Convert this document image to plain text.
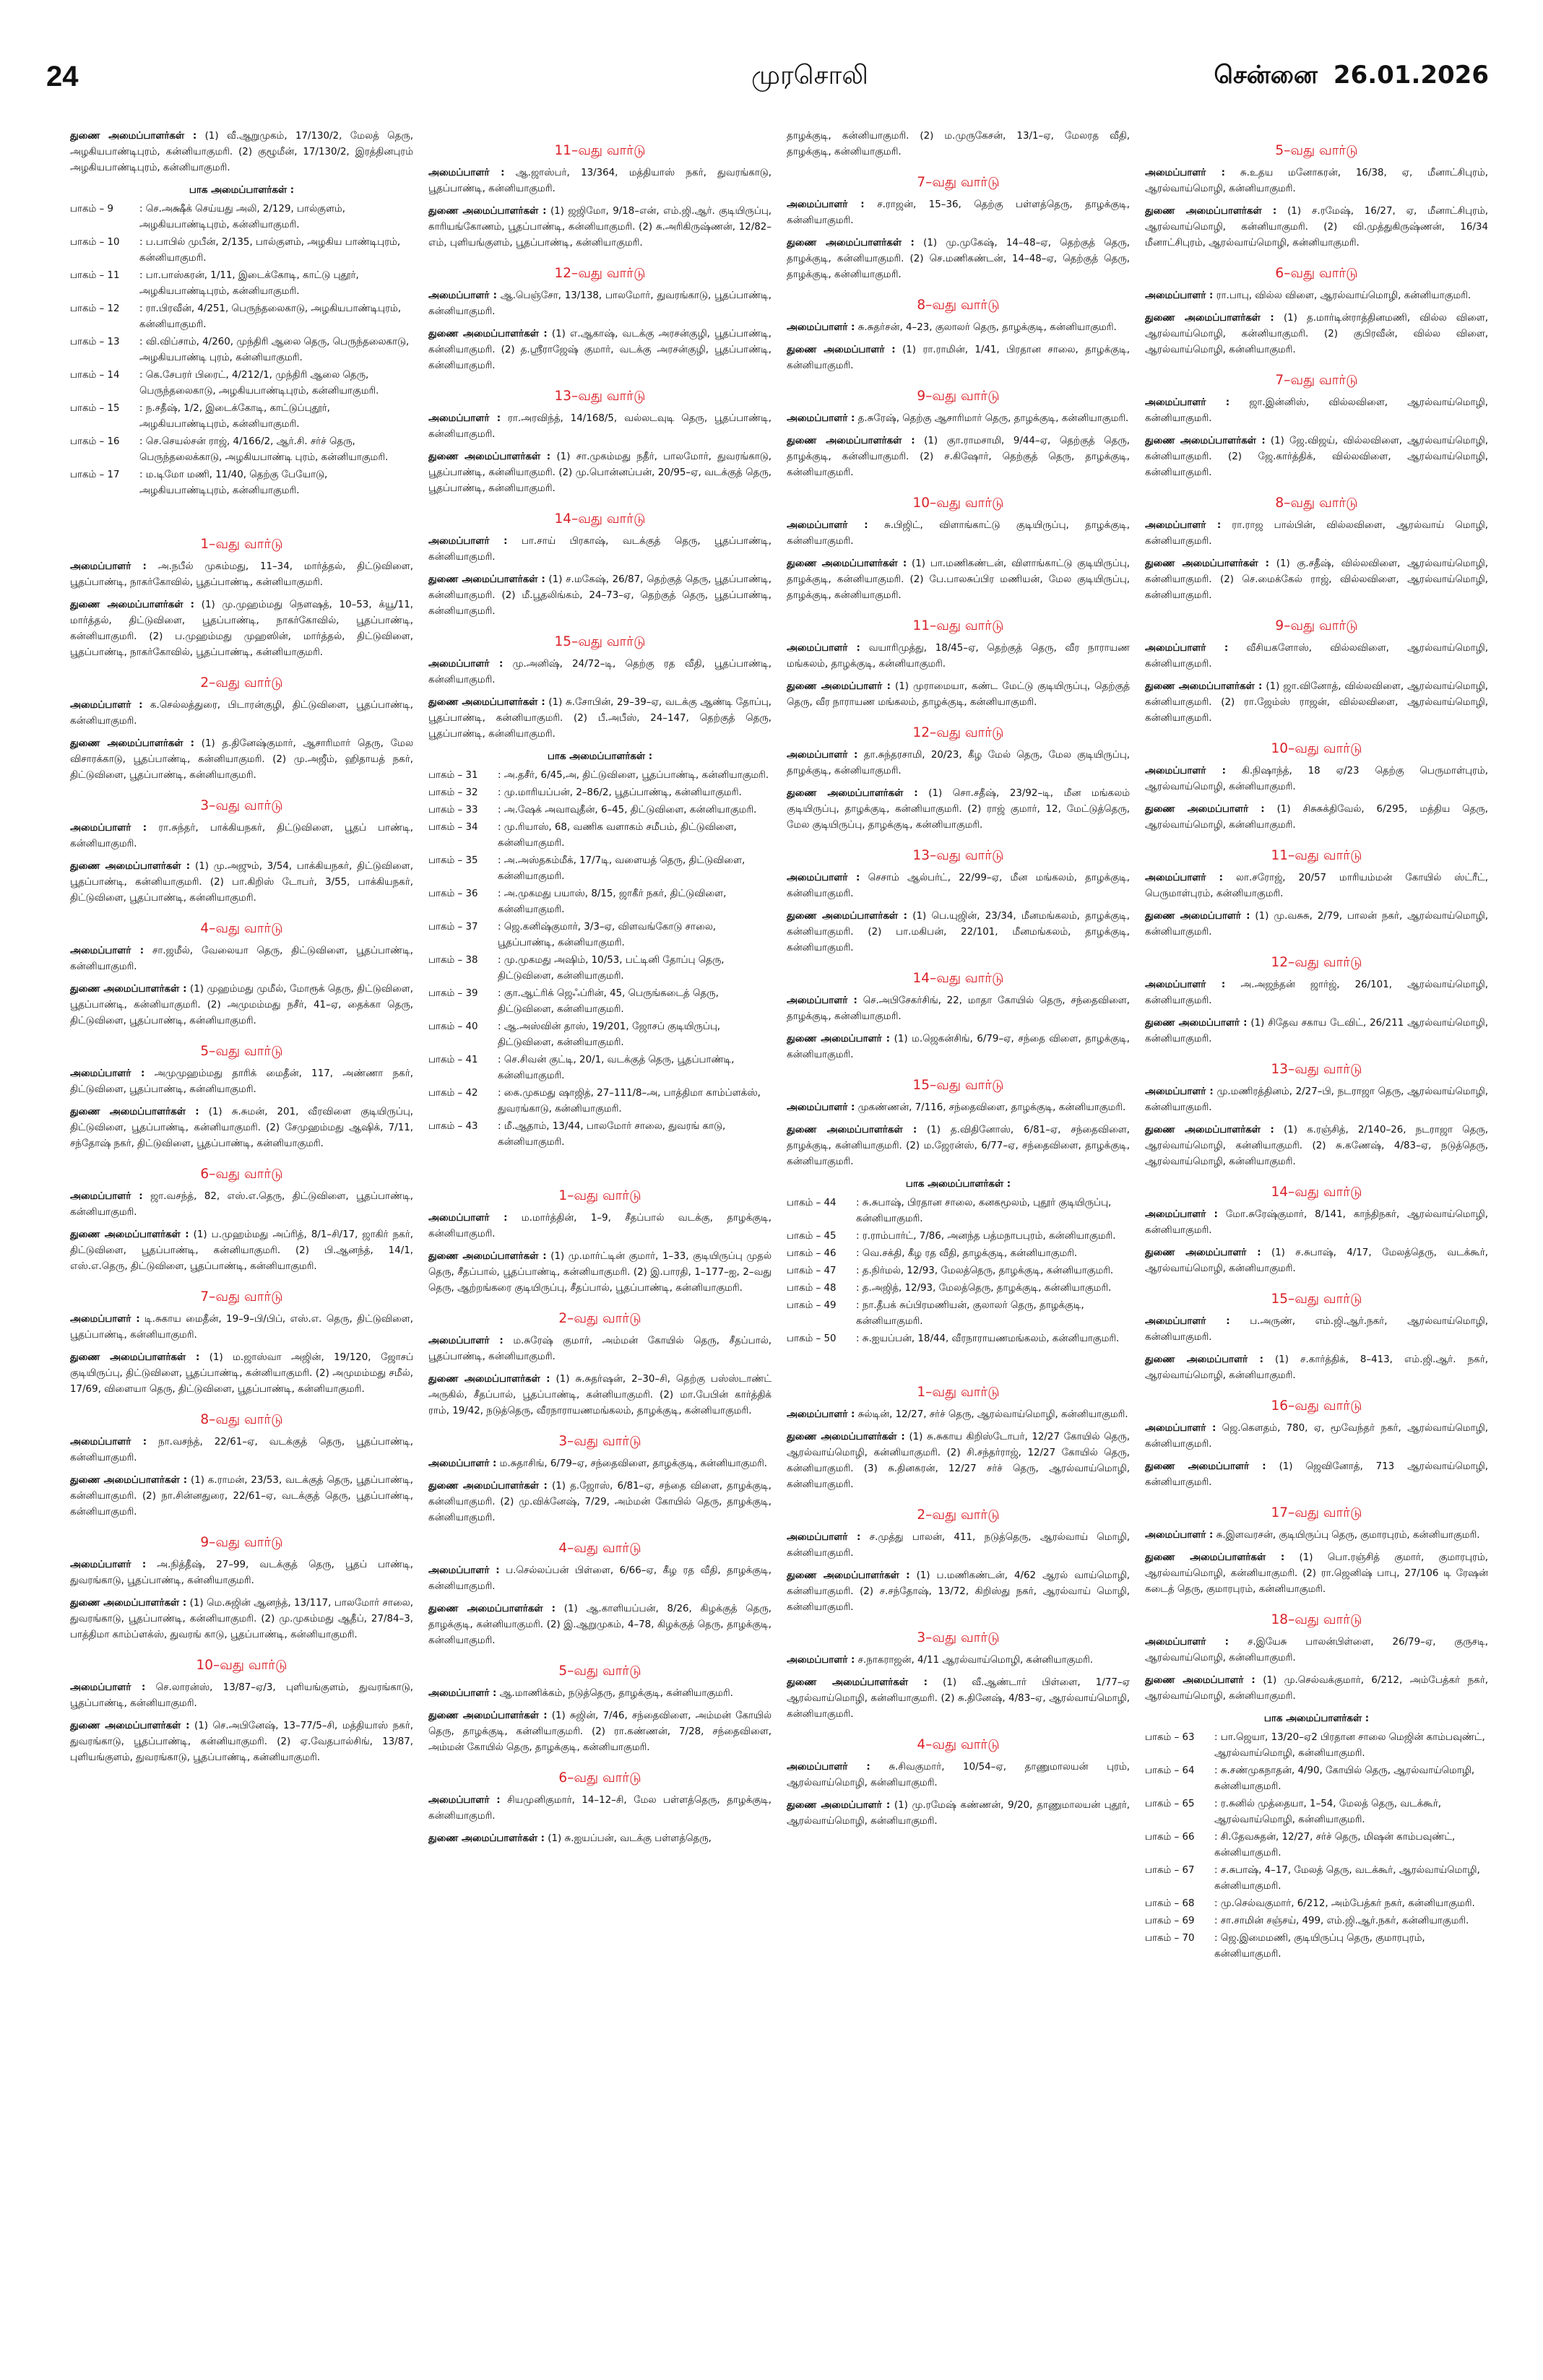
24	முரசொலி	சென்னை 26.01.2026

துணை அமைப்பாளர்கள் : (1) வீ.ஆறுமுகம், 17/130/2, மேலத் தெரு, அழகியபாண்டிபுரம், கன்னியாகுமரி. (2) குழூமீன், 17/130/2, இரத்தினபுரம் அழகியபாண்டிபுரம், கன்னியாகுமரி.

பாக அமைப்பாளர்கள் :
பாகம் – 9	: செ.அக்ஷீக் செய்யது அலி, 2/129, பால்குளம், அழகியபாண்டிபுரம், கன்னியாகுமரி.
பாகம் – 10	: ப.பாபில் முபீன், 2/135, பால்குளம், அழகிய பாண்டிபுரம், கன்னியாகுமரி.
பாகம் – 11	: பா.பாஸ்கரன், 1/11, இடைக்கோடி, காட்டு புதூர், அழகியபாண்டிபுரம், கன்னியாகுமரி.
பாகம் – 12	: ரா.பிரவீன், 4/251, பெருந்தலைகாடு, அழகியபாண்டிபுரம், கன்னியாகுமரி.
பாகம் – 13	: வி.விப்சாம், 4/260, முந்திரி ஆலை தெரு, பெருந்தலைகாடு, அழகியபாண்டி புரம், கன்னியாகுமரி.
பாகம் – 14	: கெ.சேபரர் பிரைட், 4/212/1, முந்திரி ஆலை தெரு, பெருந்தலைகாடு, அழகியபாண்டிபுரம், கன்னியாகுமரி.
பாகம் – 15	: ந.சதீஷ், 1/2, இடைக்கோடி, காட்டுப்புதூர், அழகியபாண்டிபுரம், கன்னியாகுமரி.
பாகம் – 16	: செ.செயல்சன் ராஜ், 4/166/2, ஆர்.சி. சர்ச் தெரு, பெருந்தலைக்காடு, அழகியபாண்டி புரம், கன்னியாகுமரி.
பாகம் – 17	: ம.டிமோ மணி, 11/40, தெற்கு பேயோடு, அழகியபாண்டிபுரம், கன்னியாகுமரி.
1–வது வார்டு

அமைப்பாளர் : அ.நபீல் முகம்மது, 11–34, மார்த்தல், திட்டுவிளை, பூதப்பாண்டி, நாகர்கோவில், பூதப்பாண்டி, கன்னியாகுமரி.

துணை அமைப்பாளர்கள் : (1) மு.முஹம்மது நௌஷத், 10–53, க்யூ/11, மார்த்தல், திட்டுவிளை, பூதப்பாண்டி, நாகர்கோவில், பூதப்பாண்டி, கன்னியாகுமரி. (2) ப.முஹம்மது முஹஸின், மார்த்தல், திட்டுவிளை, பூதப்பாண்டி, நாகர்கோவில், பூதப்பாண்டி, கன்னியாகுமரி.

2–வது வார்டு

அமைப்பாளர் : க.செல்லத்துரை, பிடாரன்குழி, திட்டுவிளை, பூதப்பாண்டி, கன்னியாகுமரி.

துணை அமைப்பாளர்கள் : (1) த.தினேஷ்குமார், ஆசாரிமார் தெரு, மேல விசாரக்காடு, பூதப்பாண்டி, கன்னியாகுமரி. (2) மு.அஜீம், ஹிதாயத் நகர், திட்டுவிளை, பூதப்பாண்டி, கன்னியாகுமரி.

3–வது வார்டு

அமைப்பாளர் : ரா.சுந்தர், பாக்கியநகர், திட்டுவிளை, பூதப் பாண்டி, கன்னியாகுமரி.

துணை அமைப்பாளர்கள் : (1) மு.அஜும், 3/54, பாக்கியநகர், திட்டுவிளை, பூதப்பாண்டி, கன்னியாகுமரி. (2) பா.கிறிஸ் டோபர், 3/55, பாக்கியநகர், திட்டுவிளை, பூதப்பாண்டி, கன்னியாகுமரி.

4–வது வார்டு

அமைப்பாளர் : சா.ஜமீல், வேலையா தெரு, திட்டுவிளை, பூதப்பாண்டி, கன்னியாகுமரி.

துணை அமைப்பாளர்கள் : (1) முஹம்மது முமீல், மோரூக் தெரு, திட்டுவிளை, பூதப்பாண்டி, கன்னியாகுமரி. (2) அமுமம்மது நசீர், 41–ஏ, தைக்கா தெரு, திட்டுவிளை, பூதப்பாண்டி, கன்னியாகுமரி.

5–வது வார்டு

அமைப்பாளர் : அமுமுஹம்மது தாரிக் மைதீன், 117, அண்ணா நகர், திட்டுவிளை, பூதப்பாண்டி, கன்னியாகுமரி.

துணை அமைப்பாளர்கள் : (1) சு.சுமன், 201, வீரவிளை குடியிருப்பு, திட்டுவிளை, பூதப்பாண்டி, கன்னியாகுமரி. (2) சேமுஹம்மது ஆஷிக், 7/11, சந்தோஷ் நகர், திட்டுவிளை, பூதப்பாண்டி, கன்னியாகுமரி.

6–வது வார்டு

அமைப்பாளர் : ஜா.வசந்த், 82, எஸ்.எ.தெரு, திட்டுவிளை, பூதப்பாண்டி, கன்னியாகுமரி.

துணை அமைப்பாளர்கள் : (1) ப.முஹம்மது அப்ரித், 8/1–சி/17, ஜாகிர் நகர், திட்டுவிளை, பூதப்பாண்டி, கன்னியாகுமரி. (2) பி.ஆனந்த், 14/1, எஸ்.எ.தெரு, திட்டுவிளை, பூதப்பாண்டி, கன்னியாகுமரி.

7–வது வார்டு

அமைப்பாளர் : டி.சுகாய மைதீன், 19–9–பி/பிப், எஸ்.எ. தெரு, திட்டுவிளை, பூதப்பாண்டி, கன்னியாகுமரி.

துணை அமைப்பாளர்கள் : (1) ம.ஜாஸ்வா அஜின், 19/120, ஜோசப் குடியிருப்பு, திட்டுவிளை, பூதப்பாண்டி, கன்னியாகுமரி. (2) அமுமம்மது சமீல், 17/69, விளையா தெரு, திட்டுவிளை, பூதப்பாண்டி, கன்னியாகுமரி.

8–வது வார்டு

அமைப்பாளர் : நா.வசந்த், 22/61–ஏ, வடக்குத் தெரு, பூதப்பாண்டி, கன்னியாகுமரி.

துணை அமைப்பாளர்கள் : (1) க.ராமன், 23/53, வடக்குத் தெரு, பூதப்பாண்டி, கன்னியாகுமரி. (2) நா.சின்னதுரை, 22/61–ஏ, வடக்குத் தெரு, பூதப்பாண்டி, கன்னியாகுமரி.

9–வது வார்டு

அமைப்பாளர் : அ.நித்தீஷ், 27–99, வடக்குத் தெரு, பூதப் பாண்டி, துவரங்காடு, பூதப்பாண்டி, கன்னியாகுமரி.

துணை அமைப்பாளர்கள் : (1) மெ.சுஜின் ஆனந்த், 13/117, பாலமோர் சாலை, துவரங்காடு, பூதப்பாண்டி, கன்னியாகுமரி. (2) மு.முகம்மது ஆதீப், 27/84–3, பாத்திமா காம்ப்ளக்ஸ், துவரங் காடு, பூதப்பாண்டி, கன்னியாகுமரி.

10–வது வார்டு

அமைப்பாளர் : செ.லாரன்ஸ், 13/87–ஏ/3, புளியங்குளம், துவரங்காடு, பூதப்பாண்டி, கன்னியாகுமரி.

துணை அமைப்பாளர்கள் : (1) செ.அபினேஷ், 13–77/5–சி, மத்தியாஸ் நகர், துவரங்காடு, பூதப்பாண்டி, கன்னியாகுமரி. (2) ஏ.வேதபால்சிங், 13/87, புளியங்குளம், துவரங்காடு, பூதப்பாண்டி, கன்னியாகுமரி.

11–வது வார்டு

அமைப்பாளர் : ஆ.ஜாஸ்பர், 13/364, மத்தியாஸ் நகர், துவரங்காடு, பூதப்பாண்டி, கன்னியாகுமரி.

துணை அமைப்பாளர்கள் : (1) ஜஜிமோ, 9/18–என், எம்.ஜி.ஆர். குடியிருப்பு, காரியங்கோணம், பூதப்பாண்டி, கன்னியாகுமரி. (2) சு.அரிகிருஷ்ணன், 12/82–எம், புளியங்குளம், பூதப்பாண்டி, கன்னியாகுமரி.

12–வது வார்டு

அமைப்பாளர் : ஆ.பெஞ்சோ, 13/138, பாலமோர், துவரங்காடு, பூதப்பாண்டி, கன்னியாகுமரி.

துணை அமைப்பாளர்கள் : (1) எ.ஆகாஷ், வடக்கு அரசன்குழி, பூதப்பாண்டி, கன்னியாகுமரி. (2) த.ஸ்ரீராஜேஷ் குமார், வடக்கு அரசன்குழி, பூதப்பாண்டி, கன்னியாகுமரி.

13–வது வார்டு

அமைப்பாளர் : ரா.அரவிந்த், 14/168/5, வல்லடவுடி தெரு, பூதப்பாண்டி, கன்னியாகுமரி.

துணை அமைப்பாளர்கள் : (1) சா.முகம்மது நதீர், பாலமோர், துவரங்காடு, பூதப்பாண்டி, கன்னியாகுமரி. (2) மு.பொன்னப்பன், 20/95–ஏ, வடக்குத் தெரு, பூதப்பாண்டி, கன்னியாகுமரி.

14–வது வார்டு

அமைப்பாளர் : பா.சாய் பிரகாஷ், வடக்குத் தெரு, பூதப்பாண்டி, கன்னியாகுமரி.

துணை அமைப்பாளர்கள் : (1) ச.மகேஷ், 26/87, தெற்குத் தெரு, பூதப்பாண்டி, கன்னியாகுமரி. (2) மீ.பூதலிங்கம், 24–73–ஏ, தெற்குத் தெரு, பூதப்பாண்டி, கன்னியாகுமரி.

15–வது வார்டு

அமைப்பாளர் : மு.அனிஷ், 24/72–டி, தெற்கு ரத வீதி, பூதப்பாண்டி, கன்னியாகுமரி.

துணை அமைப்பாளர்கள் : (1) சு.சோபின், 29–39–ஏ, வடக்கு ஆண்டி தோப்பு, பூதப்பாண்டி, கன்னியாகுமரி. (2) பீ.அபீஸ், 24–147, தெற்குத் தெரு, பூதப்பாண்டி, கன்னியாகுமரி.

பாக அமைப்பாளர்கள் :
பாகம் – 31	: அ.தசீர், 6/45,அ, திட்டுவிளை, பூதப்பாண்டி, கன்னியாகுமரி.
பாகம் – 32	: மு.மாரியப்பன், 2–86/2, பூதப்பாண்டி, கன்னியாகுமரி.
பாகம் – 33	: அ.ஷேக் அவாவுதீன், 6–45, திட்டுவிளை, கன்னியாகுமரி.
பாகம் – 34	: மு.ரியாஸ், 68, வணிக வளாகம் சமீபம், திட்டுவிளை, கன்னியாகுமரி.
பாகம் – 35	: அ.அஸ்தகம்மீக், 17/7டி, வளையத் தெரு, திட்டுவிளை, கன்னியாகுமரி.
பாகம் – 36	: அ.முகமது பயாஸ், 8/15, ஜாகீர் நகர், திட்டுவிளை, கன்னியாகுமரி.
பாகம் – 37	: ஜெ.கனிஷ்குமார், 3/3–ஏ, விளவங்கோடு சாலை, பூதப்பாண்டி, கன்னியாகுமரி.
பாகம் – 38	: மு.முகமது அஷிம், 10/53, பட்டினி தோப்பு தெரு, திட்டுவிளை, கன்னியாகுமரி.
பாகம் – 39	: குா.ஆட்ரிக் ஜெஃப்ரின், 45, பெருங்கடைத் தெரு, திட்டுவிளை, கன்னியாகுமரி.
பாகம் – 40	: ஆ.அஸ்வின் தாஸ், 19/201, ஜோசப் குடியிருப்பு, திட்டுவிளை, கன்னியாகுமரி.
பாகம் – 41	: செ.சிவன் குட்டி, 20/1, வடக்குத் தெரு, பூதப்பாண்டி, கன்னியாகுமரி.
பாகம் – 42	: கை.முகமது ஷாஜித், 27–111/8–அ, பாத்திமா காம்ப்ளக்ஸ், துவரங்காடு, கன்னியாகுமரி.
பாகம் – 43	: மீ.ஆதாம், 13/44, பாலமோர் சாலை, துவரங் காடு, கன்னியாகுமரி.
1–வது வார்டு

அமைப்பாளர் : ம.மார்த்தின், 1–9, சீதப்பால் வடக்கு, தாழக்குடி, கன்னியாகுமரி.

துணை அமைப்பாளர்கள் : (1) மு.மார்ட்டின் குமார், 1–33, குடியிருப்பு முதல் தெரு, சீதப்பால், பூதப்பாண்டி, கன்னியாகுமரி. (2) இ.பாரதி, 1–177–ஐ, 2–வது தெரு, ஆற்றங்கரை குடியிருப்பு, சீதப்பால், பூதப்பாண்டி, கன்னியாகுமரி.

2–வது வார்டு

அமைப்பாளர் : ம.சுரேஷ் குமார், அம்மன் கோயில் தெரு, சீதப்பால், பூதப்பாண்டி, கன்னியாகுமரி.

துணை அமைப்பாளர்கள் : (1) சு.சுதர்ஷன், 2–30–சி, தெற்கு பஸ்ஸ்டாண்ட் அருகில், சீதப்பால், பூதப்பாண்டி, கன்னியாகுமரி. (2) மா.பேபின் கார்த்திக் ராம், 19/42, நடுத்தெரு, வீரநாராயணமங்கலம், தாழக்குடி, கன்னியாகுமரி.

3–வது வார்டு

அமைப்பாளர் : ம.சுதாசிங், 6/79–ஏ, சந்தைவிளை, தாழக்குடி, கன்னியாகுமரி.

துணை அமைப்பாளர்கள் : (1) த.ஜோஸ், 6/81–ஏ, சந்தை விளை, தாழக்குடி, கன்னியாகுமரி. (2) மு.விக்னேஷ், 7/29, அம்மன் கோயில் தெரு, தாழக்குடி, கன்னியாகுமரி.

4–வது வார்டு

அமைப்பாளர் : ப.செல்லப்பன் பிள்ளை, 6/66–ஏ, கீழ ரத வீதி, தாழக்குடி, கன்னியாகுமரி.

துணை அமைப்பாளர்கள் : (1) ஆ.காளியப்பன், 8/26, கிழக்குத் தெரு, தாழக்குடி, கன்னியாகுமரி. (2) இ.ஆறுமுகம், 4–78, கிழக்குத் தெரு, தாழக்குடி, கன்னியாகுமரி.

5–வது வார்டு

அமைப்பாளர் : ஆ.மாணிக்கம், நடுத்தெரு, தாழக்குடி, கன்னியாகுமரி.

துணை அமைப்பாளர்கள் : (1) சுஜின், 7/46, சந்தைவிளை, அம்மன் கோயில் தெரு, தாழக்குடி, கன்னியாகுமரி. (2) ரா.கண்ணன், 7/28, சந்தைவிளை, அம்மன் கோயில் தெரு, தாழக்குடி, கன்னியாகுமரி.

6–வது வார்டு

அமைப்பாளர் : சியமுனிகுமார், 14–12–சி, மேல பள்ளத்தெரு, தாழக்குடி, கன்னியாகுமரி.

துணை அமைப்பாளர்கள் : (1) சு.ஐயப்பன், வடக்கு பள்ளத்தெரு,

தாழக்குடி, கன்னியாகுமரி. (2) ம.முருகேசன், 13/1–ஏ, மேலரத வீதி, தாழக்குடி, கன்னியாகுமரி.

7–வது வார்டு

அமைப்பாளர் : ச.ராஜன், 15–36, தெற்கு பள்ளத்தெரு, தாழக்குடி, கன்னியாகுமரி.

துணை அமைப்பாளர்கள் : (1) மு.முகேஷ், 14–48–ஏ, தெற்குத் தெரு, தாழக்குடி, கன்னியாகுமரி. (2) செ.மணிகண்டன், 14–48–ஏ, தெற்குத் தெரு, தாழக்குடி, கன்னியாகுமரி.

8–வது வார்டு

அமைப்பாளர் : சு.சுதர்சன், 4–23, குலாலர் தெரு, தாழக்குடி, கன்னியாகுமரி.

துணை அமைப்பாளர் : (1) ரா.ராமின், 1/41, பிரதான சாலை, தாழக்குடி, கன்னியாகுமரி.

9–வது வார்டு

அமைப்பாளர் : த.சுரேஷ், தெற்கு ஆசாரிமார் தெரு, தாழக்குடி, கன்னியாகுமரி.

துணை அமைப்பாளர்கள் : (1) குா.ராமசாமி, 9/44–ஏ, தெற்குத் தெரு, தாழக்குடி, கன்னியாகுமரி. (2) ச.கிஷோர், தெற்குத் தெரு, தாழக்குடி, கன்னியாகுமரி.

10–வது வார்டு

அமைப்பாளர் : சு.பிஜிட், விளாங்காட்டு குடியிருப்பு, தாழக்குடி, கன்னியாகுமரி.

துணை அமைப்பாளர்கள் : (1) பா.மணிகண்டன், விளாங்காட்டு குடியிருப்பு, தாழக்குடி, கன்னியாகுமரி. (2) பே.பாலசுப்பிர மணியன், மேல குடியிருப்பு, தாழக்குடி, கன்னியாகுமரி.

11–வது வார்டு

அமைப்பாளர் : வயாரிமுத்து, 18/45–ஏ, தெற்குத் தெரு, வீர நாராயண மங்கலம், தாழக்குடி, கன்னியாகுமரி.

துணை அமைப்பாளர் : (1) முராமையா, கண்ட மேட்டு குடியிருப்பு, தெற்குத் தெரு, வீர நாராயண மங்கலம், தாழக்குடி, கன்னியாகுமரி.

12–வது வார்டு

அமைப்பாளர் : தா.சுந்தரசாமி, 20/23, கீழ மேல் தெரு, மேல குடியிருப்பு, தாழக்குடி, கன்னியாகுமரி.

துணை அமைப்பாளர்கள் : (1) சொ.சதீஷ், 23/92–டி, மீன மங்கலம் குடியிருப்பு, தாழக்குடி, கன்னியாகுமரி. (2) ராஜ் குமார், 12, மேட்டுத்தெரு, மேல குடியிருப்பு, தாழக்குடி, கன்னியாகுமரி.

13–வது வார்டு

அமைப்பாளர் : செசாம் ஆல்பர்ட், 22/99–ஏ, மீன மங்கலம், தாழக்குடி, கன்னியாகுமரி.

துணை அமைப்பாளர்கள் : (1) பெ.யுஜின், 23/34, மீனமங்கலம், தாழக்குடி, கன்னியாகுமரி. (2) பா.மகிபன், 22/101, மீனமங்கலம், தாழக்குடி, கன்னியாகுமரி.

14–வது வார்டு

அமைப்பாளர் : செ.அபிசேகர்சிங், 22, மாதா கோயில் தெரு, சந்தைவிளை, தாழக்குடி, கன்னியாகுமரி.

துணை அமைப்பாளர் : (1) ம.ஜெகன்சிங், 6/79–ஏ, சந்தை விளை, தாழக்குடி, கன்னியாகுமரி.

15–வது வார்டு

அமைப்பாளர் : முகண்ணன், 7/116, சந்தைவிளை, தாழக்குடி, கன்னியாகுமரி.

துணை அமைப்பாளர்கள் : (1) த.விதினோஸ், 6/81–ஏ, சந்தைவிளை, தாழக்குடி, கன்னியாகுமரி. (2) ம.ஜேரன்ஸ், 6/77–ஏ, சந்தைவிளை, தாழக்குடி, கன்னியாகுமரி.

பாக அமைப்பாளர்கள் :
பாகம் – 44	: சு.சுபாஷ், பிரதான சாலை, கனகமூலம், புதூர் குடியிருப்பு, கன்னியாகுமரி.
பாகம் – 45	: ர.ராம்பார்ட், 7/86, அனந்த பத்மநாபபுரம், கன்னியாகுமரி.
பாகம் – 46	: வெ.சக்தி, கீழ ரத வீதி, தாழக்குடி, கன்னியாகுமரி.
பாகம் – 47	: த.நிர்மல், 12/93, மேலத்தெரு, தாழக்குடி, கன்னியாகுமரி.
பாகம் – 48	: த.அஜித், 12/93, மேலத்தெரு, தாழக்குடி, கன்னியாகுமரி.
பாகம் – 49	: நா.தீபக் சுப்பிரமணியன், குலாலர் தெரு, தாழக்குடி, கன்னியாகுமரி.
பாகம் – 50	: சு.ஐயப்பன், 18/44, வீரநாராயணமங்கலம், கன்னியாகுமரி.
1–வது வார்டு

அமைப்பாளர் : சுல்டின், 12/27, சர்ச் தெரு, ஆரல்வாய்மொழி, கன்னியாகுமரி.

துணை அமைப்பாளர்கள் : (1) சு.சுகாய கிறிஸ்டோபர், 12/27 கோயில் தெரு, ஆரல்வாய்மொழி, கன்னியாகுமரி. (2) சி.சந்தர்ராஜ், 12/27 கோயில் தெரு, கன்னியாகுமரி. (3) சு.தினகரன், 12/27 சர்ச் தெரு, ஆரல்வாய்மொழி, கன்னியாகுமரி.

2–வது வார்டு

அமைப்பாளர் : ச.முத்து பாலன், 411, நடுத்தெரு, ஆரல்வாய் மொழி, கன்னியாகுமரி.

துணை அமைப்பாளர்கள் : (1) ப.மணிகண்டன், 4/62 ஆரல் வாய்மொழி, கன்னியாகுமரி. (2) ச.சந்தோஷ், 13/72, கிறிஸ்து நகர், ஆரல்வாய் மொழி, கன்னியாகுமரி.

3–வது வார்டு

அமைப்பாளர் : ச.நாகராஜன், 4/11 ஆரல்வாய்மொழி, கன்னியாகுமரி.

துணை அமைப்பாளர்கள் : (1) வீ.ஆண்டார் பிள்ளை, 1/77–ஏ ஆரல்வாய்மொழி, கன்னியாகுமரி. (2) சு.தினேஷ், 4/83–ஏ, ஆரல்வாய்மொழி, கன்னியாகுமரி.

4–வது வார்டு

அமைப்பாளர் : சு.சிவகுமார், 10/54–ஏ, தாணுமாலயன் புரம், ஆரல்வாய்மொழி, கன்னியாகுமரி.

துணை அமைப்பாளர் : (1) மு.ரமேஷ் கண்ணன், 9/20, தாணுமாலயன் புதூர், ஆரல்வாய்மொழி, கன்னியாகுமரி.

5–வது வார்டு

அமைப்பாளர் : சு.உதய மனோகரன், 16/38, ஏ, மீனாட்சிபுரம், ஆரல்வாய்மொழி, கன்னியாகுமரி.

துணை அமைப்பாளர்கள் : (1) ச.ரமேஷ், 16/27, ஏ, மீனாட்சிபுரம், ஆரல்வாய்மொழி, கன்னியாகுமரி. (2) வி.முத்துகிருஷ்ணன், 16/34 மீனாட்சிபுரம், ஆரல்வாய்மொழி, கன்னியாகுமரி.

6–வது வார்டு

அமைப்பாளர் : ரா.பாபு, வில்ல விளை, ஆரல்வாய்மொழி, கன்னியாகுமரி.

துணை அமைப்பாளர்கள் : (1) த.மார்டின்ராத்தினமணி, வில்ல விளை, ஆரல்வாய்மொழி, கன்னியாகுமரி. (2) குபிரவீன், வில்ல விளை, ஆரல்வாய்மொழி, கன்னியாகுமரி.

7–வது வார்டு

அமைப்பாளர் : ஜா.இன்னிஸ், வில்லவிளை, ஆரல்வாய்மொழி, கன்னியாகுமரி.

துணை அமைப்பாளர்கள் : (1) ஜே.விஜய், வில்லவிளை, ஆரல்வாய்மொழி, கன்னியாகுமரி. (2) ஜே.கார்த்திக், வில்லவிளை, ஆரல்வாய்மொழி, கன்னியாகுமரி.

8–வது வார்டு

அமைப்பாளர் : ரா.ராஜ பால்பின், வில்லவிளை, ஆரல்வாய் மொழி, கன்னியாகுமரி.

துணை அமைப்பாளர்கள் : (1) கு.சதீஷ், வில்லவிளை, ஆரல்வாய்மொழி, கன்னியாகுமரி. (2) செ.மைக்கேல் ராஜ், வில்லவிளை, ஆரல்வாய்மொழி, கன்னியாகுமரி.

9–வது வார்டு

அமைப்பாளர் : வீசியகளோஸ், வில்லவிளை, ஆரல்வாய்மொழி, கன்னியாகுமரி.

துணை அமைப்பாளர்கள் : (1) ஜா.வினோத், வில்லவிளை, ஆரல்வாய்மொழி, கன்னியாகுமரி. (2) ரா.ஜேம்ஸ் ராஜன், வில்லவிளை, ஆரல்வாய்மொழி, கன்னியாகுமரி.

10–வது வார்டு

அமைப்பாளர் : கி.நிஷாந்த், 18 ஏ/23 தெற்கு பெருமாள்புரம், ஆரல்வாய்மொழி, கன்னியாகுமரி.

துணை அமைப்பாளர் : (1) சிசுசுக்திவேல், 6/295, மத்திய தெரு, ஆரல்வாய்மொழி, கன்னியாகுமரி.

11–வது வார்டு

அமைப்பாளர் : லா.சரோஜ், 20/57 மாரியம்மன் கோயில் ஸ்ட்ரீட், பெருமாள்புரம், கன்னியாகுமரி.

துணை அமைப்பாளர் : (1) மு.வசுசு, 2/79, பாலன் நகர், ஆரல்வாய்மொழி, கன்னியாகுமரி.

12–வது வார்டு

அமைப்பாளர் : அ.அஜந்தன் ஜார்ஜ், 26/101, ஆரல்வாய்மொழி, கன்னியாகுமரி.

துணை அமைப்பாளர் : (1) சிதேவ சகாய டேவிட், 26/211 ஆரல்வாய்மொழி, கன்னியாகுமரி.

13–வது வார்டு

அமைப்பாளர் : மு.மணிரத்தினம், 2/27–பி, நடராஜா தெரு, ஆரல்வாய்மொழி, கன்னியாகுமரி.

துணை அமைப்பாளர்கள் : (1) க.ரஞ்சித், 2/140–26, நடராஜா தெரு, ஆரல்வாய்மொழி, கன்னியாகுமரி. (2) சு.கணேஷ், 4/83–ஏ, நடுத்தெரு, ஆரல்வாய்மொழி, கன்னியாகுமரி.

14–வது வார்டு

அமைப்பாளர் : மோ.சுரேஷ்குமார், 8/141, காந்திநகர், ஆரல்வாய்மொழி, கன்னியாகுமரி.

துணை அமைப்பாளர் : (1) ச.சுபாஷ், 4/17, மேலத்தெரு, வடக்கூர், ஆரல்வாய்மொழி, கன்னியாகுமரி.

15–வது வார்டு

அமைப்பாளர் : ப.அருண், எம்.ஜி.ஆர்.நகர், ஆரல்வாய்மொழி, கன்னியாகுமரி.

துணை அமைப்பாளர் : (1) ச.கார்த்திக், 8–413, எம்.ஜி.ஆர். நகர், ஆரல்வாய்மொழி, கன்னியாகுமரி.

16–வது வார்டு

அமைப்பாளர் : ஜெ.கௌதம், 780, ஏ, மூவேந்தர் நகர், ஆரல்வாய்மொழி, கன்னியாகுமரி.

துணை அமைப்பாளர் : (1) ஜெவினோத், 713 ஆரல்வாய்மொழி, கன்னியாகுமரி.

17–வது வார்டு

அமைப்பாளர் : சு.இளவரசன், குடியிருப்பு தெரு, குமாரபுரம், கன்னியாகுமரி.

துணை அமைப்பாளர்கள் : (1) பொ.ரஞ்சித் குமார், குமாரபுரம், ஆரல்வாய்மொழி, கன்னியாகுமரி. (2) ரா.ஜெனிஷ் பாபு, 27/106 டி ரேஷன் கடைத் தெரு, குமாரபுரம், கன்னியாகுமரி.

18–வது வார்டு

அமைப்பாளர் : ச.இயேசு பாலன்பிள்ளை, 26/79–ஏ, குருசடி, ஆரல்வாய்மொழி, கன்னியாகுமரி.

துணை அமைப்பாளர் : (1) மு.செல்வக்குமார், 6/212, அம்பேத்கர் நகர், ஆரல்வாய்மொழி, கன்னியாகுமரி.

பாக அமைப்பாளர்கள் :
பாகம் – 63	: பா.ஜெயா, 13/20–ஏ2 பிரதான சாலை மெஜின் காம்பவுண்ட், ஆரல்வாய்மொழி, கன்னியாகுமரி.
பாகம் – 64	: சு.சண்முகநாதன், 4/90, கோயில் தெரு, ஆரல்வாய்மொழி, கன்னியாகுமரி.
பாகம் – 65	: ர.சுனில் முத்தையா, 1–54, மேலத் தெரு, வடக்கூர், ஆரல்வாய்மொழி, கன்னியாகுமரி.
பாகம் – 66	: சி.தேவசுதன், 12/27, சர்ச் தெரு, மிஷன் காம்பவுண்ட், கன்னியாகுமரி.
பாகம் – 67	: ச.சுபாஷ், 4–17, மேலத் தெரு, வடக்கூர், ஆரல்வாய்மொழி, கன்னியாகுமரி.
பாகம் – 68	: மு.செல்வகுமார், 6/212, அம்பேத்கர் நகர், கன்னியாகுமரி.
பாகம் – 69	: சா.சாமின் சஞ்சய், 499, எம்.ஜி.ஆர்.நகர், கன்னியாகுமரி.
பாகம் – 70	: ஜெ.இமைமணி, குடியிருப்பு தெரு, குமாரபுரம், கன்னியாகுமரி.
